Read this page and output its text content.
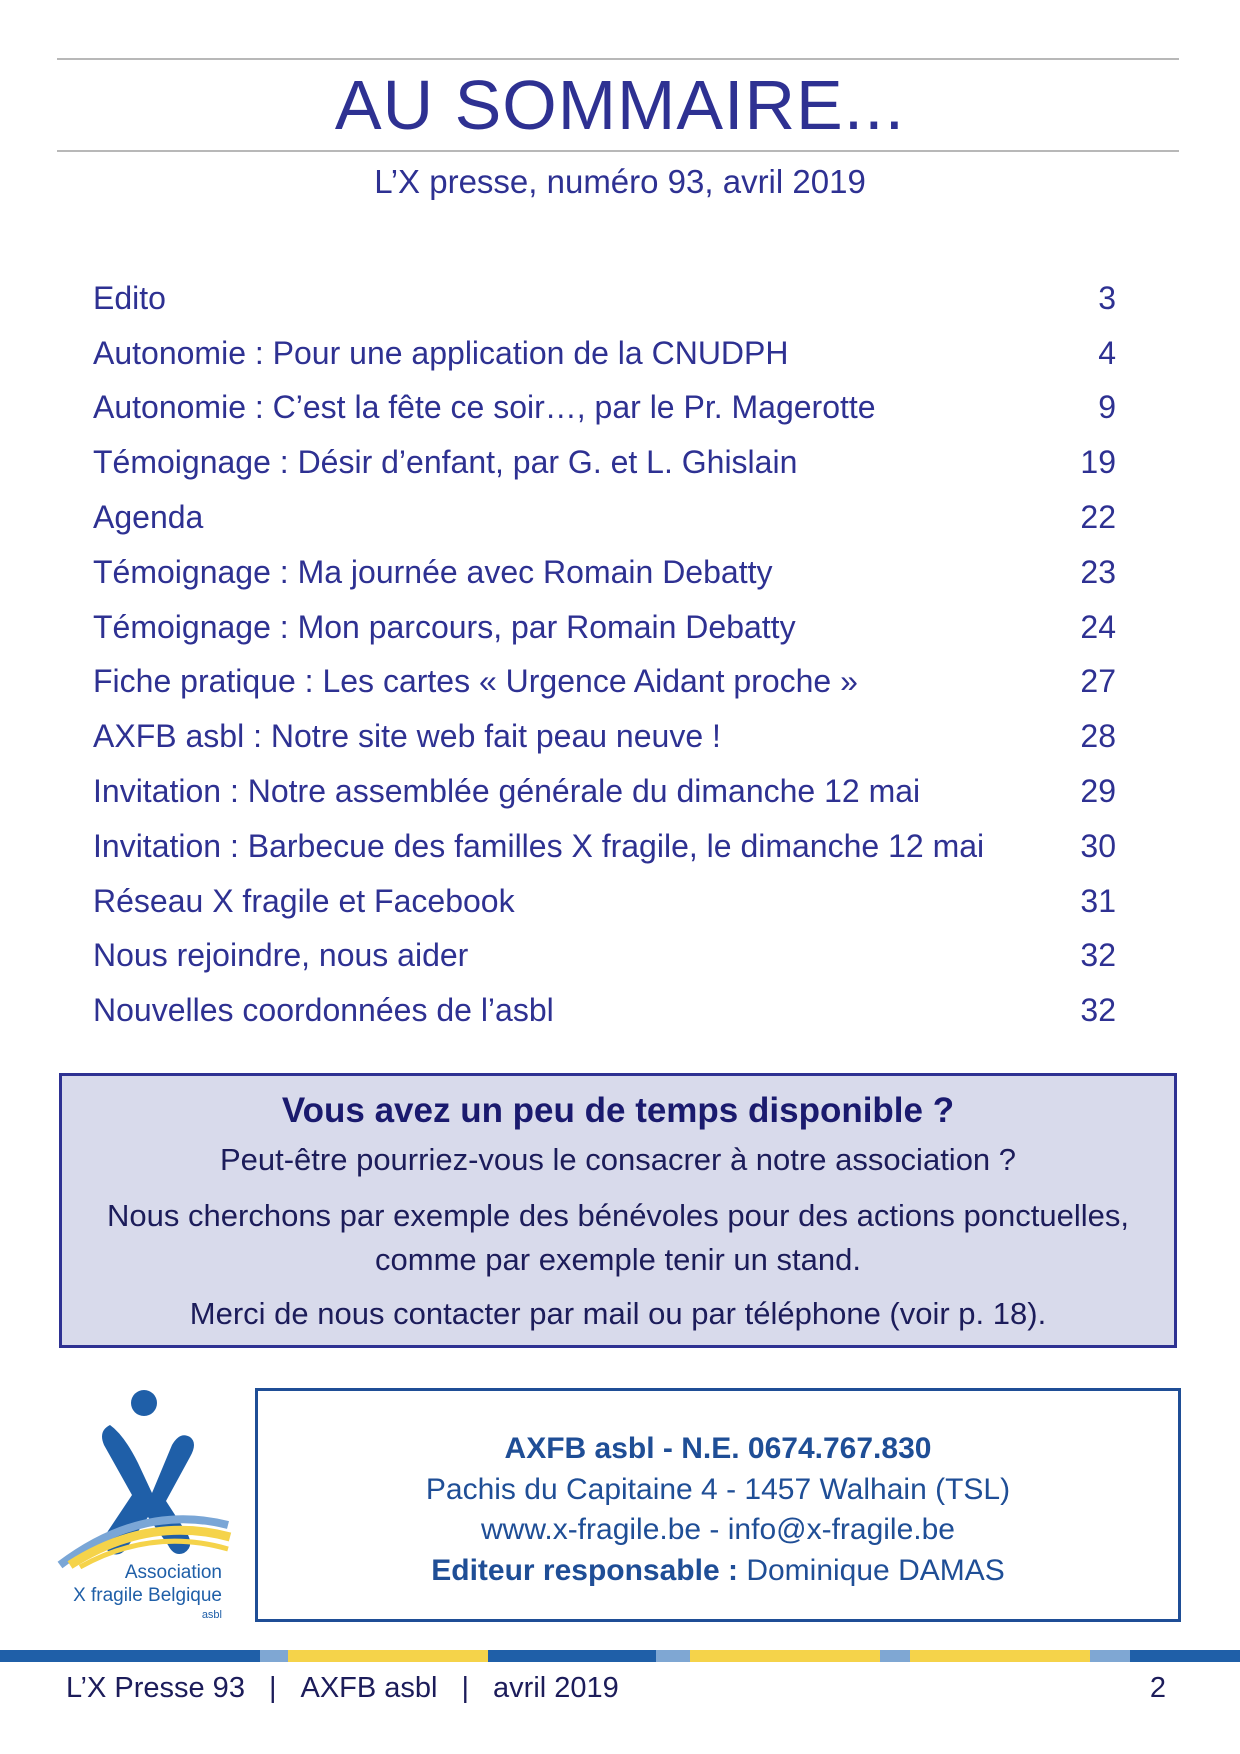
AU SOMMAIRE...
L’X presse, numéro 93, avril 2019
Edito	3
Autonomie : Pour une application de la CNUDPH	4
Autonomie : C’est la fête ce soir…, par le Pr. Magerotte	9
Témoignage : Désir d’enfant, par G. et L. Ghislain	19
Agenda	22
Témoignage : Ma journée avec Romain Debatty	23
Témoignage : Mon parcours, par Romain Debatty	24
Fiche pratique : Les cartes « Urgence Aidant proche »	27
AXFB asbl : Notre site web fait peau neuve !	28
Invitation : Notre assemblée générale du dimanche 12 mai	29
Invitation : Barbecue des familles X fragile, le dimanche 12 mai	30
Réseau X fragile et Facebook	31
Nous rejoindre, nous aider	32
Nouvelles coordonnées de l’asbl	32
Vous avez un peu de temps disponible ?
Peut-être pourriez-vous le consacrer à notre association ?
Nous cherchons par exemple des bénévoles pour des actions ponctuelles,
comme par exemple tenir un stand.
Merci de nous contacter par mail ou par téléphone (voir p. 18).
Association
X fragile Belgique
asbl
AXFB asbl - N.E. 0674.767.830
Pachis du Capitaine 4 - 1457 Walhain (TSL)
www.x-fragile.be - info@x-fragile.be
Editeur responsable : Dominique DAMAS
L’X Presse 93 | AXFB asbl | avril 2019	2
